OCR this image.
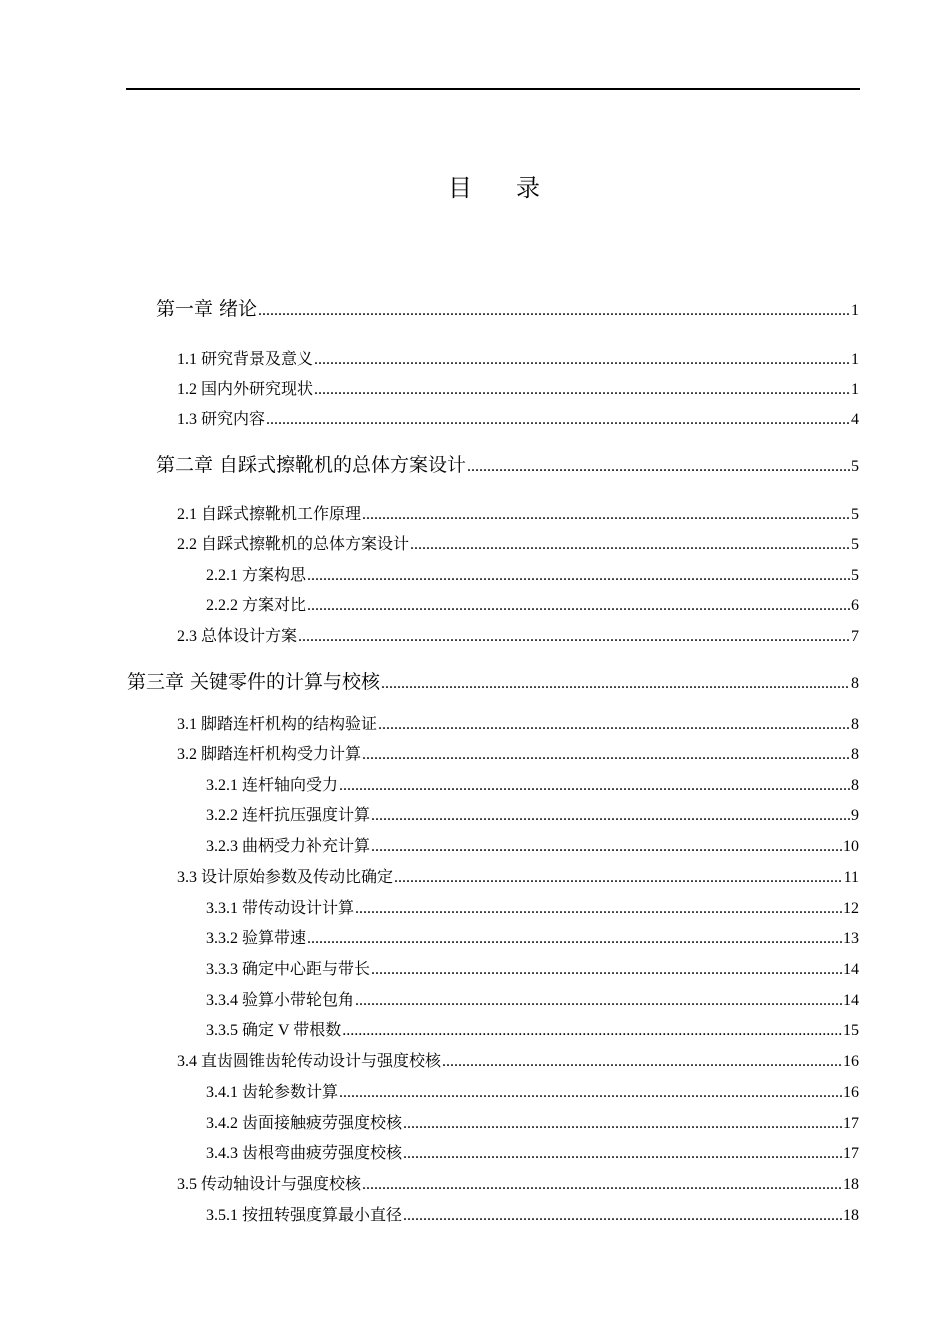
目 录
第一章 绪论 .....	1
1.1 研究背景及意义 .....	1
1.2 国内外研究现状 .....	1
1.3 研究内容 .....	4
第二章 自踩式擦靴机的总体方案设计 .....	5
2.1 自踩式擦靴机工作原理 .....	5
2.2 自踩式擦靴机的总体方案设计 .....	5
2.2.1 方案构思 .....	5
2.2.2 方案对比 .....	6
2.3 总体设计方案 .....	7
第三章 关键零件的计算与校核 .....	8
3.1 脚踏连杆机构的结构验证 .....	8
3.2 脚踏连杆机构受力计算 .....	8
3.2.1 连杆轴向受力 .....	8
3.2.2 连杆抗压强度计算 .....	9
3.2.3 曲柄受力补充计算 .....	10
3.3 设计原始参数及传动比确定 .....	11
3.3.1 带传动设计计算 .....	12
3.3.2 验算带速 .....	13
3.3.3 确定中心距与带长 .....	14
3.3.4 验算小带轮包角 .....	14
3.3.5 确定 V 带根数 .....	15
3.4 直齿圆锥齿轮传动设计与强度校核 .....	16
3.4.1 齿轮参数计算 .....	16
3.4.2 齿面接触疲劳强度校核 .....	17
3.4.3 齿根弯曲疲劳强度校核 .....	17
3.5 传动轴设计与强度校核 .....	18
3.5.1 按扭转强度算最小直径 .....	18
